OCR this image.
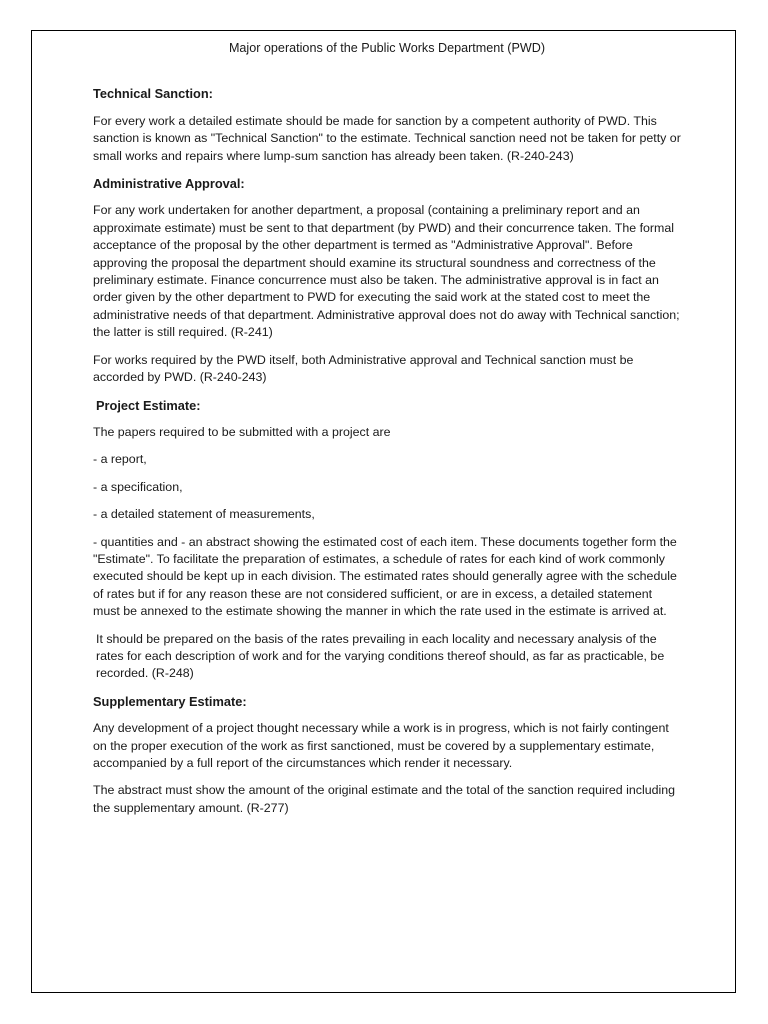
Major operations of the Public Works Department (PWD)
Technical Sanction:
For every work a detailed estimate should be made for sanction by a competent authority of PWD. This sanction is known as "Technical Sanction" to the estimate. Technical sanction need not be taken for petty or small works and repairs where lump-sum sanction has already been taken. (R-240-243)
Administrative Approval:
For any work undertaken for another department, a proposal (containing a preliminary report and an approximate estimate) must be sent to that department (by PWD) and their concurrence taken. The formal acceptance of the proposal by the other department is termed as "Administrative Approval". Before approving the proposal the department should examine its structural soundness and correctness of the preliminary estimate. Finance concurrence must also be taken. The administrative approval is in fact an order given by the other department to PWD for executing the said work at the stated cost to meet the administrative needs of that department. Administrative approval does not do away with Technical sanction; the latter is still required. (R-241)
For works required by the PWD itself, both Administrative approval and Technical sanction must be accorded by PWD. (R-240-243)
Project Estimate:
The papers required to be submitted with a project are
- a report,
- a specification,
- a detailed statement of measurements,
- quantities and - an abstract showing the estimated cost of each item. These documents together form the "Estimate". To facilitate the preparation of estimates, a schedule of rates for each kind of work commonly executed should be kept up in each division. The estimated rates should generally agree with the schedule of rates but if for any reason these are not considered sufficient, or are in excess, a detailed statement must be annexed to the estimate showing the manner in which the rate used in the estimate is arrived at.
It should be prepared on the basis of the rates prevailing in each locality and necessary analysis of the rates for each description of work and for the varying conditions thereof should, as far as practicable, be recorded. (R-248)
Supplementary Estimate:
Any development of a project thought necessary while a work is in progress, which is not fairly contingent on the proper execution of the work as first sanctioned, must be covered by a supplementary estimate, accompanied by a full report of the circumstances which render it necessary.
The abstract must show the amount of the original estimate and the total of the sanction required including the supplementary amount. (R-277)
